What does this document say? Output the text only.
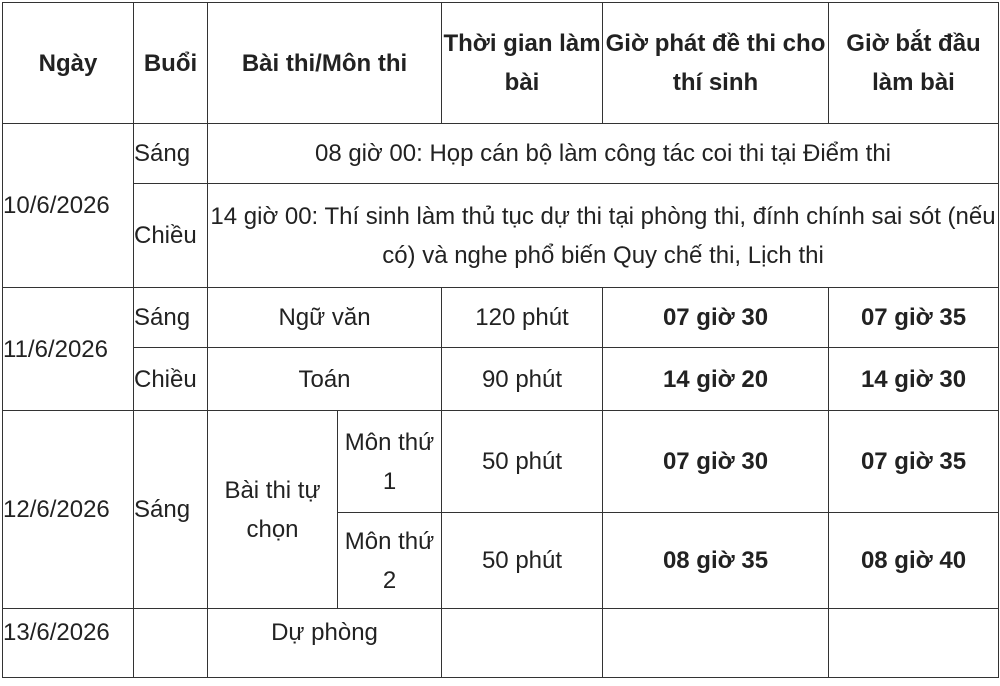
Ngày	Buổi	Bài thi/Môn thi		Thời gian làm bài	Giờ phát đề thi cho thí sinh	Giờ bắt đầu làm bài
10/6/2026	Sáng	08 giờ 00: Họp cán bộ làm công tác coi thi tại Điểm thi				
	Chiều	14 giờ 00: Thí sinh làm thủ tục dự thi tại phòng thi, đính chính sai sót (nếu có) và nghe phổ biến Quy chế thi, Lịch thi				
11/6/2026	Sáng	Ngữ văn		120 phút	07 giờ 30	07 giờ 35
	Chiều	Toán		90 phút	14 giờ 20	14 giờ 30
12/6/2026	Sáng	Bài thi tự chọn	Môn thứ 1	50 phút	07 giờ 30	07 giờ 35
			Môn thứ 2	50 phút	08 giờ 35	08 giờ 40
13/6/2026		Dự phòng				
